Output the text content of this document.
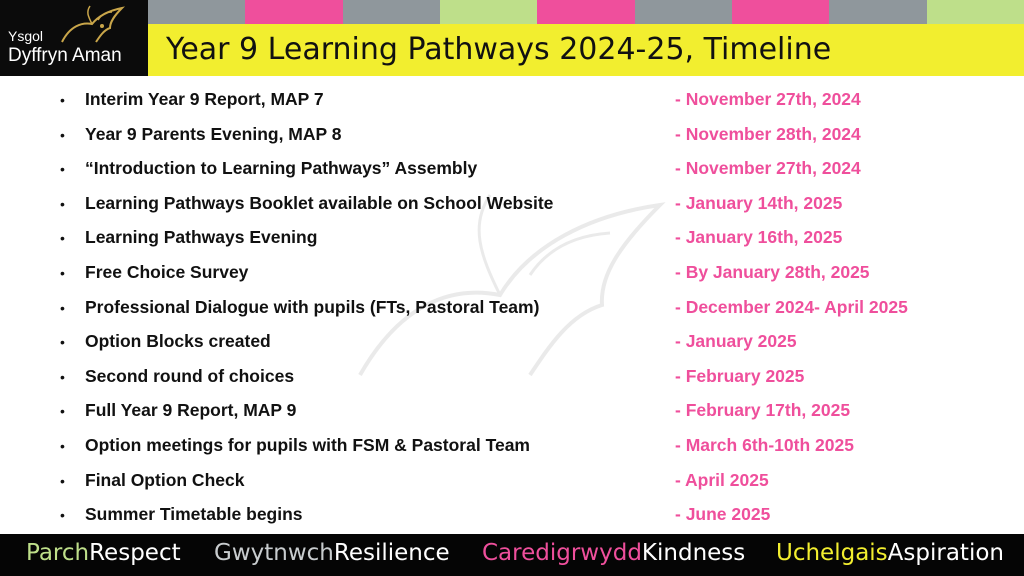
Ysgol
Dyffryn Aman Year 9 Learning Pathways 2024-25, Timeline
• Interim Year 9 Report, MAP 7	- November 27th, 2024
• Year 9 Parents Evening, MAP 8	- November 28th, 2024
• “Introduction to Learning Pathways” Assembly	- November 27th, 2024
• Learning Pathways Booklet available on School Website	- January 14th, 2025
• Learning Pathways Evening	- January 16th, 2025
• Free Choice Survey	- By January 28th, 2025
• Professional Dialogue with pupils (FTs, Pastoral Team)	- December 2024- April 2025
• Option Blocks created	- January 2025
• Second round of choices	- February 2025
• Full Year 9 Report, MAP 9	- February 17th, 2025
• Option meetings for pupils with FSM & Pastoral Team	- March 6th-10th 2025
• Final Option Check	- April 2025
• Summer Timetable begins	- June 2025
ParchRespect GwytnwchResilience CaredigrwyddKindness UchelgaisAspiration
